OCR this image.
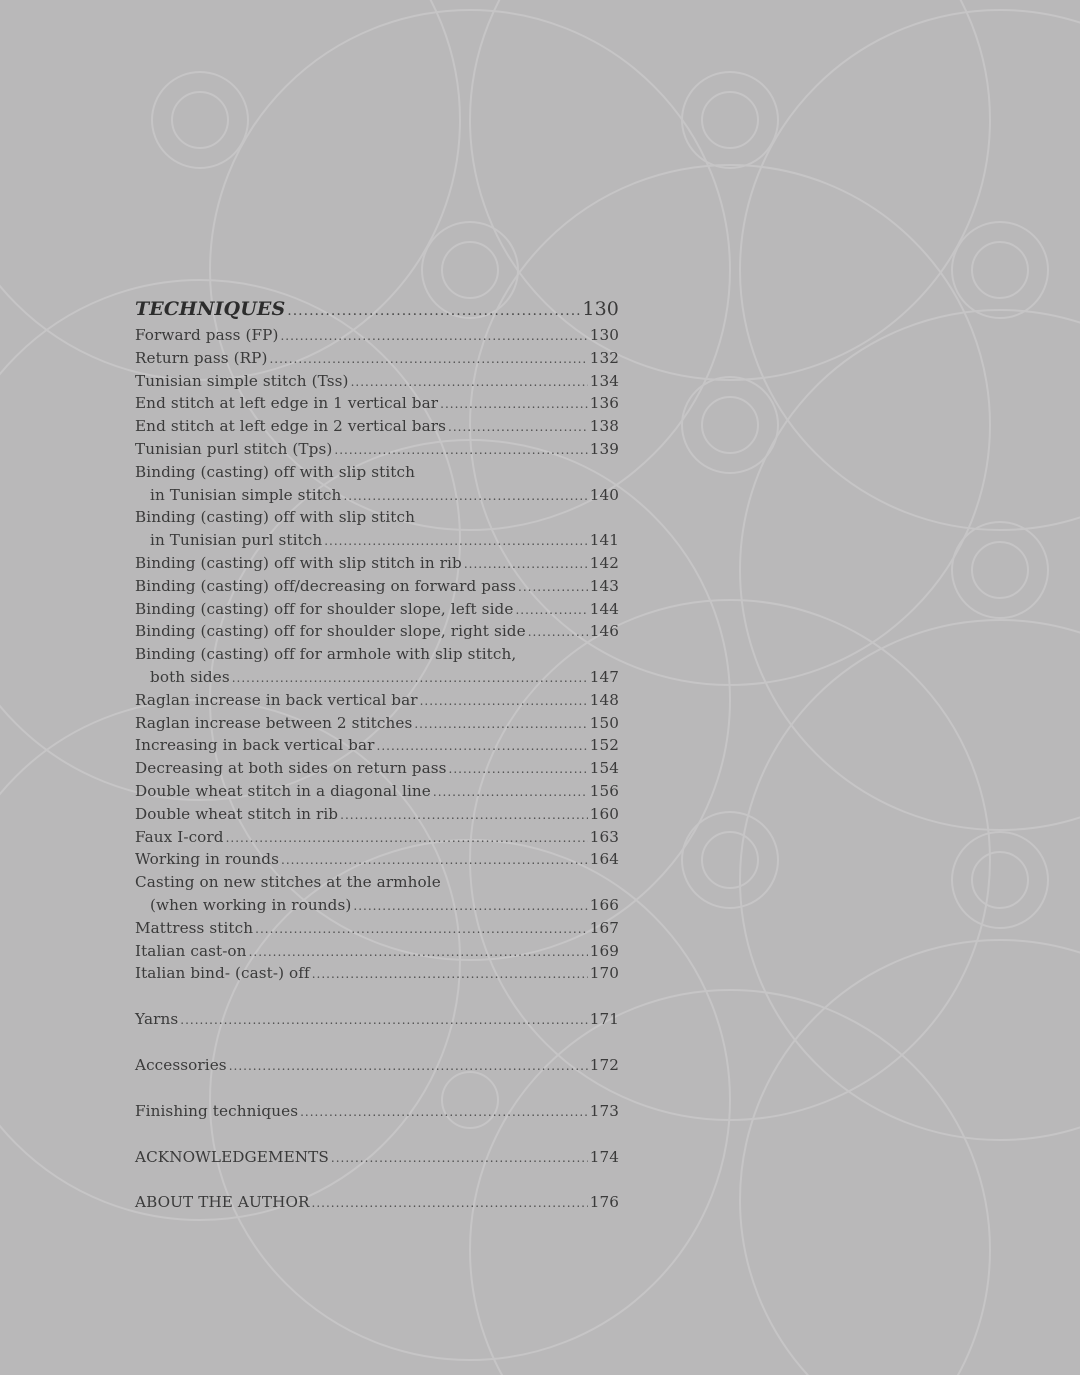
TECHNIQUES .....	130
Forward pass (FP) .....	130
Return pass (RP) .....	132
Tunisian simple stitch (Tss) .....	134
End stitch at left edge in 1 vertical bar .....	136
End stitch at left edge in 2 vertical bars .....	138
Tunisian purl stitch (Tps) .....	139
Binding (casting) off with slip stitch
in Tunisian simple stitch .....	140
Binding (casting) off with slip stitch
in Tunisian purl stitch .....	141
Binding (casting) off with slip stitch in rib .....	142
Binding (casting) off/decreasing on forward pass .....	143
Binding (casting) off for shoulder slope, left side .....	144
Binding (casting) off for shoulder slope, right side .....	146
Binding (casting) off for armhole with slip stitch,
both sides .....	147
Raglan increase in back vertical bar .....	148
Raglan increase between 2 stitches .....	150
Increasing in back vertical bar .....	152
Decreasing at both sides on return pass .....	154
Double wheat stitch in a diagonal line .....	156
Double wheat stitch in rib .....	160
Faux I-cord .....	163
Working in rounds .....	164
Casting on new stitches at the armhole
(when working in rounds) .....	166
Mattress stitch .....	167
Italian cast-on .....	169
Italian bind- (cast-) off .....	170
Yarns .....	171
Accessories .....	172
Finishing techniques .....	173
ACKNOWLEDGEMENTS .....	174
ABOUT THE AUTHOR .....	176
